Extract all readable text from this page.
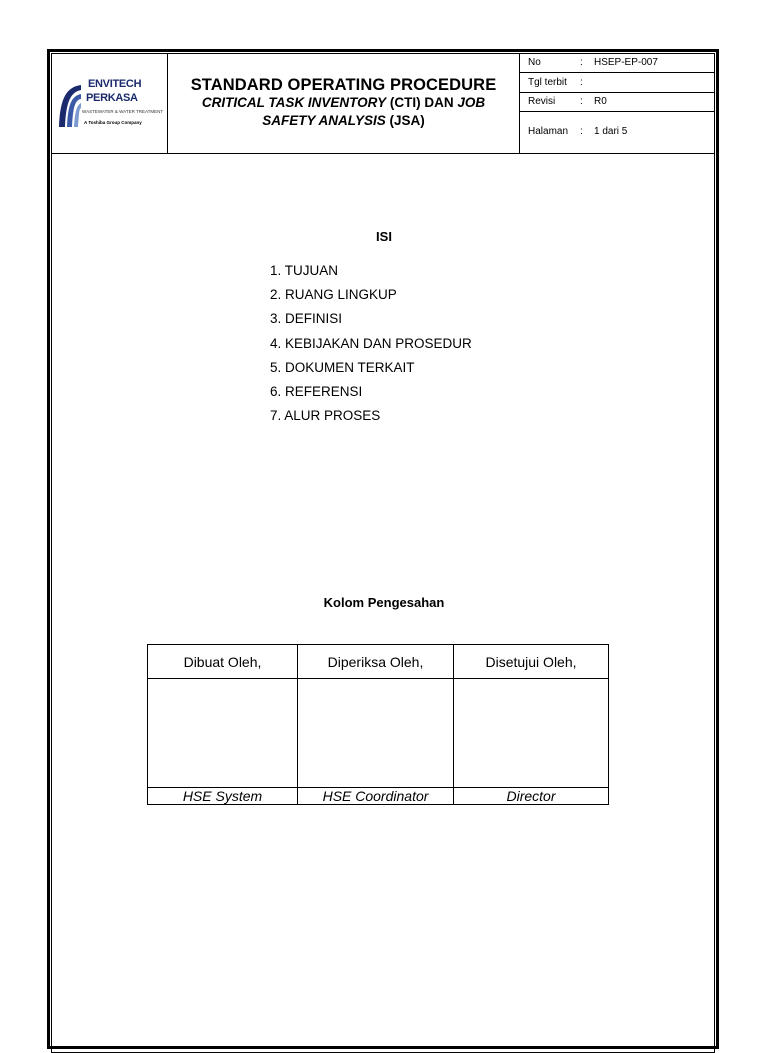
ENVITECH
PERKASA
WASTEWATER & WATER TREATMENT
A Toshiba Group Company
STANDARD OPERATING PROCEDURE
CRITICAL TASK INVENTORY (CTI) DAN JOB
SAFETY ANALYSIS (JSA)
No	: HSEP-EP-007
Tgl terbit :
Revisi : R0
Halaman : 1 dari 5
ISI
1. TUJUAN
2. RUANG LINGKUP
3. DEFINISI
4. KEBIJAKAN DAN PROSEDUR
5. DOKUMEN TERKAIT
6. REFERENSI
7. ALUR PROSES
Kolom Pengesahan
Dibuat Oleh,	Diperiksa Oleh,	Disetujui Oleh,

HSE System	HSE Coordinator	Director
